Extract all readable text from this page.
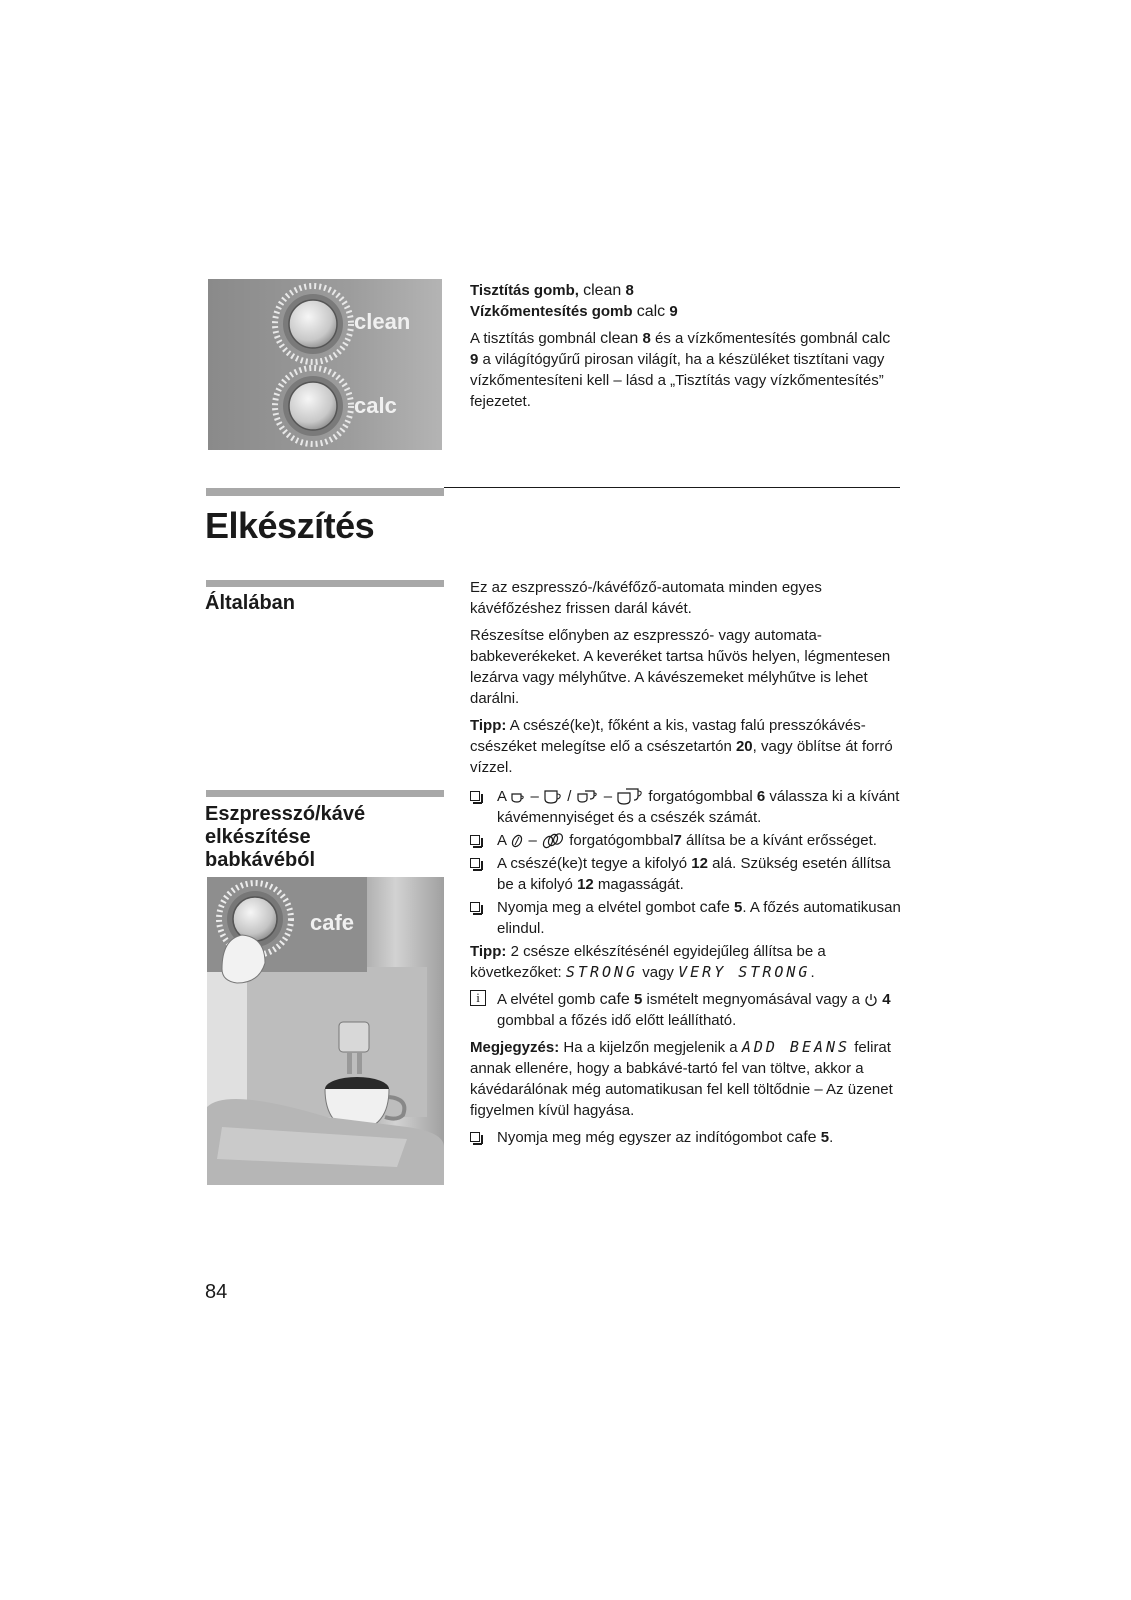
clean
calc

Tisztítás gomb, clean 8

Vízkőmentesítés gomb calc 9

A tisztítás gombnál clean 8 és a vízkőmentesítés gombnál calc 9 a világítógyűrű pirosan világít, ha a készüléket tisztítani vagy vízkőmentesíteni kell – lásd a „Tisztítás vagy vízkőmentesítés” fejezetet.

Elkészítés
Általában

Ez az eszpresszó-/kávéfőző-automata minden egyes kávéfőzéshez frissen darál kávét.

Részesítse előnyben az eszpresszó- vagy automata-babkeverékeket. A keveréket tartsa hűvös helyen, légmentesen lezárva vagy mélyhűtve. A kávészemeket mélyhűtve is lehet darálni.

Tipp: A csészé(ke)t, főként a kis, vastag falú presszókávés-csészéket melegítse elő a csészetartón 20, vagy öblítse át forró vízzel.

Eszpresszó/kávé elkészítése babkávéból
cafe
A – / – forgatógombbal 6 válassza ki a kívánt kávémennyiséget és a csészék számát.
A – forgatógombbal7 állítsa be a kívánt erősséget.
A csészé(ke)t tegye a kifolyó 12 alá. Szükség esetén állítsa be a kifolyó 12 magasságát.
Nyomja meg a elvétel gombot cafe 5. A főzés automatikusan elindul.

Tipp: 2 csésze elkészítésénél egyidejűleg állítsa be a következőket: STRONG vagy VERY STRONG.

i	A elvétel gomb cafe 5 ismételt megnyomásával vagy a 4 gombbal a főzés idő előtt leállítható.

Megjegyzés: Ha a kijelzőn megjelenik a ADD BEANS felirat annak ellenére, hogy a babkávé-tartó fel van töltve, akkor a kávédarálónak még automatikusan fel kell töltődnie – Az üzenet figyelmen kívül hagyása.

Nyomja meg még egyszer az indítógombot cafe 5.
84
